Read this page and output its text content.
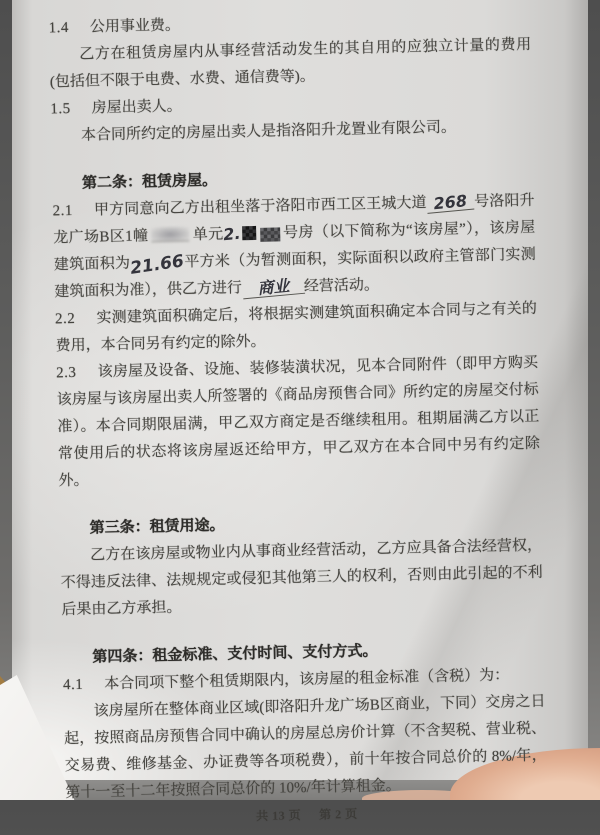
1.4 公用事业费。

乙方在租赁房屋内从事经营活动发生的其自用的应独立计量的费用(包括但不限于电费、水费、通信费等)。

1.5 房屋出卖人。

本合同所约定的房屋出卖人是指洛阳升龙置业有限公司。

第二条：租赁房屋。

2.1 甲方同意向乙方出租坐落于洛阳市西工区王城大道 268 号洛阳升龙广场B区1幢	单元2.	号房（以下简称为“该房屋”），该房屋建筑面积为21.66平方米（为暂测面积，实际面积以政府主管部门实测建筑面积为准），供乙方进行 商业 经营活动。

2.2 实测建筑面积确定后，将根据实测建筑面积确定本合同与之有关的费用，本合同另有约定的除外。

2.3 该房屋及设备、设施、装修装潢状况，见本合同附件（即甲方购买该房屋与该房屋出卖人所签署的《商品房预售合同》所约定的房屋交付标准）。本合同期限届满，甲乙双方商定是否继续租用。租期届满乙方以正常使用后的状态将该房屋返还给甲方，甲乙双方在本合同中另有约定除外。

第三条：租赁用途。

乙方在该房屋或物业内从事商业经营活动，乙方应具备合法经营权，不得违反法律、法规规定或侵犯其他第三人的权利，否则由此引起的不利后果由乙方承担。

第四条：租金标准、支付时间、支付方式。

4.1 本合同项下整个租赁期限内，该房屋的租金标准（含税）为：

该房屋所在整体商业区域(即洛阳升龙广场B区商业，下同）交房之日起，按照商品房预售合同中确认的房屋总房价计算（不含契税、营业税、交易费、维修基金、办证费等各项税费），前十年按合同总价的 8%/年，第十一至十二年按照合同总价的 10%/年计算租金。

共 13 页 第 2 页
